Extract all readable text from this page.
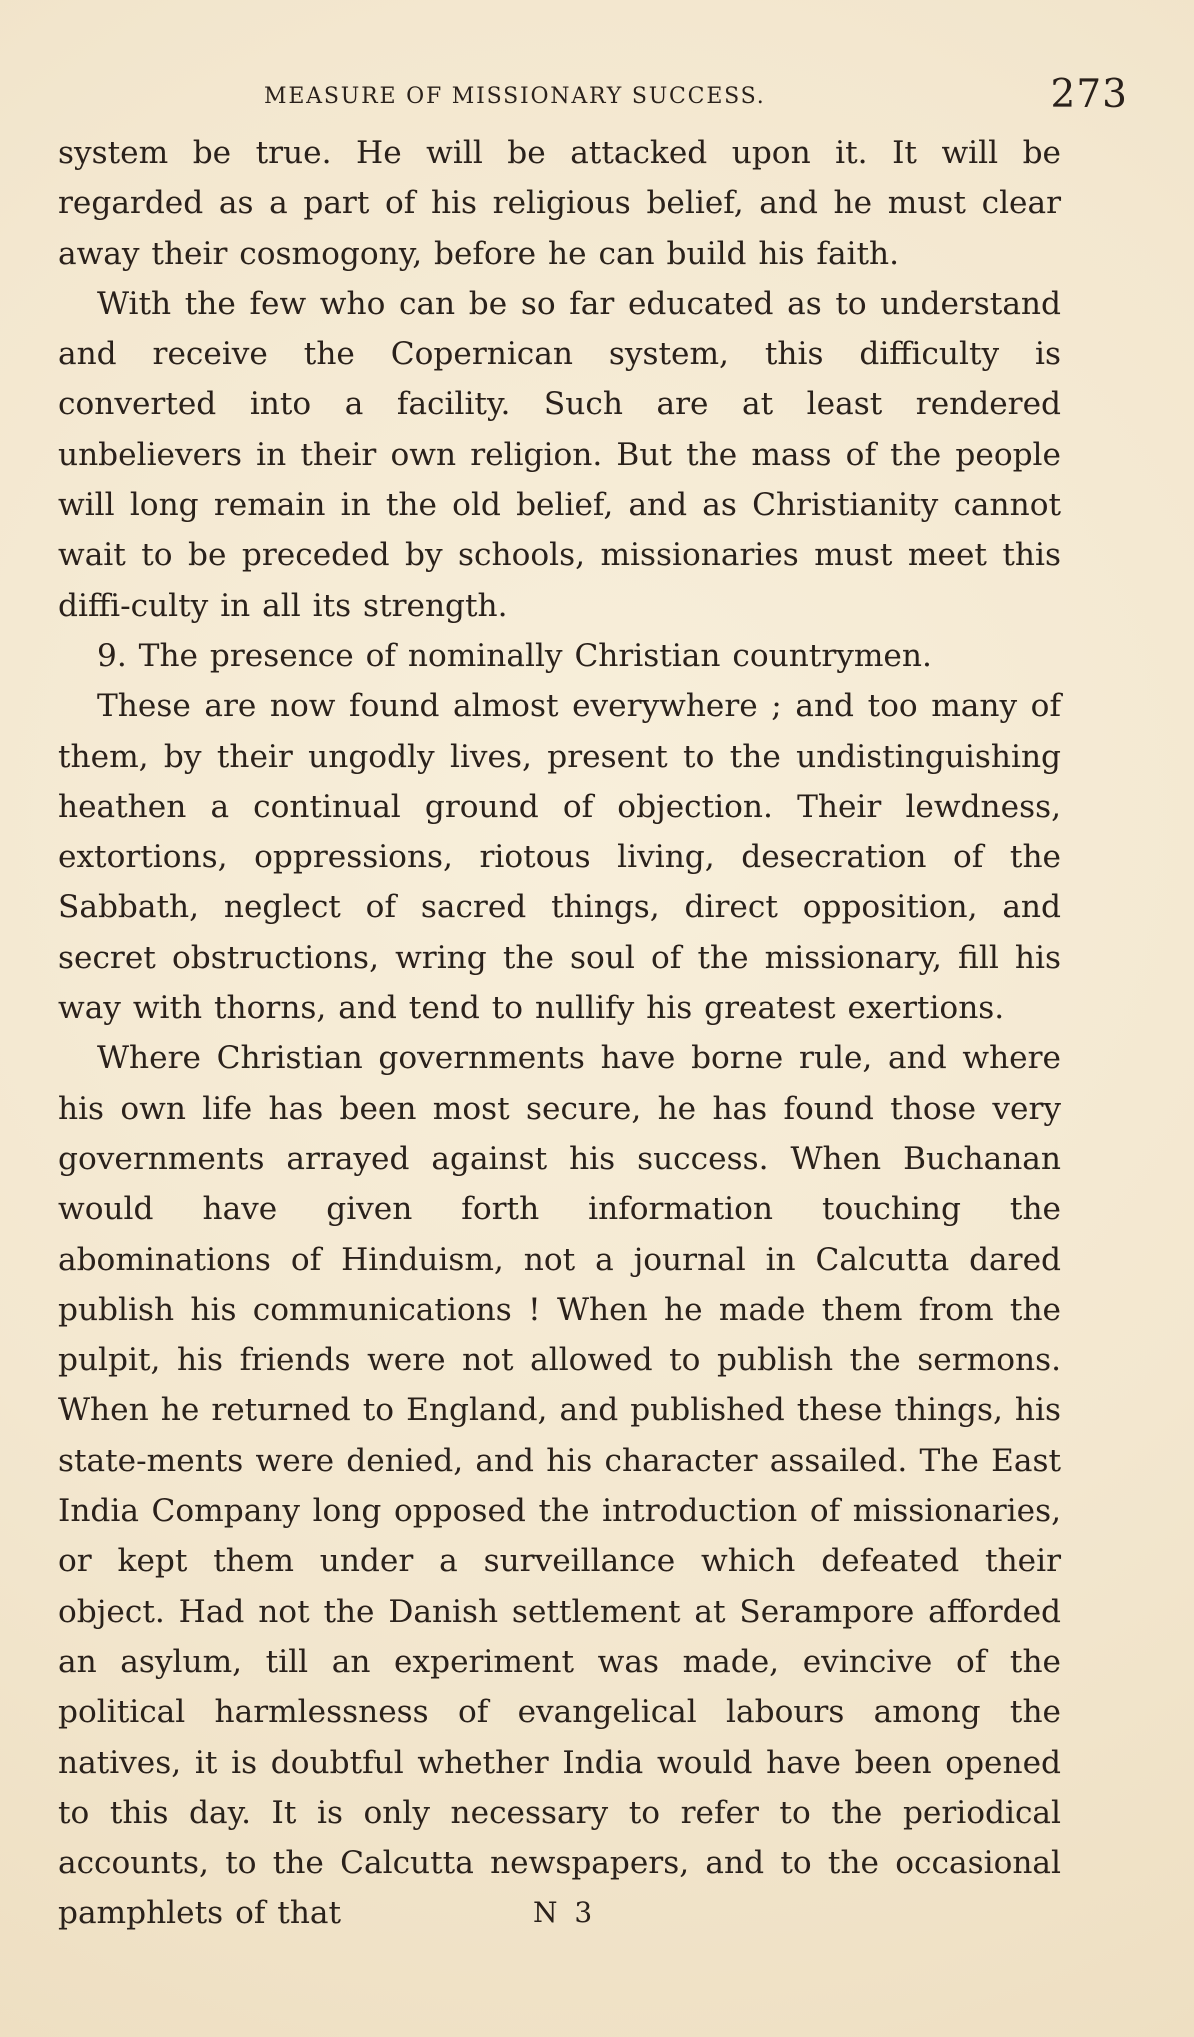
MEASURE OF MISSIONARY SUCCESS.	273

system be true. He will be attacked upon it. It will be regarded as a part of his religious belief, and he must clear away their cosmogony, before he can build his faith.

With the few who can be so far educated as to understand and receive the Copernican system, this difficulty is converted into a facility. Such are at least rendered unbelievers in their own religion. But the mass of the people will long remain in the old belief, and as Christianity cannot wait to be preceded by schools, missionaries must meet this diffi-culty in all its strength.

9. The presence of nominally Christian countrymen.

These are now found almost everywhere ; and too many of them, by their ungodly lives, present to the undistinguishing heathen a continual ground of objection. Their lewdness, extortions, oppressions, riotous living, desecration of the Sabbath, neglect of sacred things, direct opposition, and secret obstructions, wring the soul of the missionary, fill his way with thorns, and tend to nullify his greatest exertions.

Where Christian governments have borne rule, and where his own life has been most secure, he has found those very governments arrayed against his success. When Buchanan would have given forth information touching the abominations of Hinduism, not a journal in Calcutta dared publish his communications ! When he made them from the pulpit, his friends were not allowed to publish the sermons. When he returned to England, and published these things, his state-ments were denied, and his character assailed. The East India Company long opposed the introduction of missionaries, or kept them under a surveillance which defeated their object. Had not the Danish settlement at Serampore afforded an asylum, till an experiment was made, evincive of the political harmlessness of evangelical labours among the natives, it is doubtful whether India would have been opened to this day. It is only necessary to refer to the periodical accounts, to the Calcutta newspapers, and to the occasional pamphlets of that	N 3
